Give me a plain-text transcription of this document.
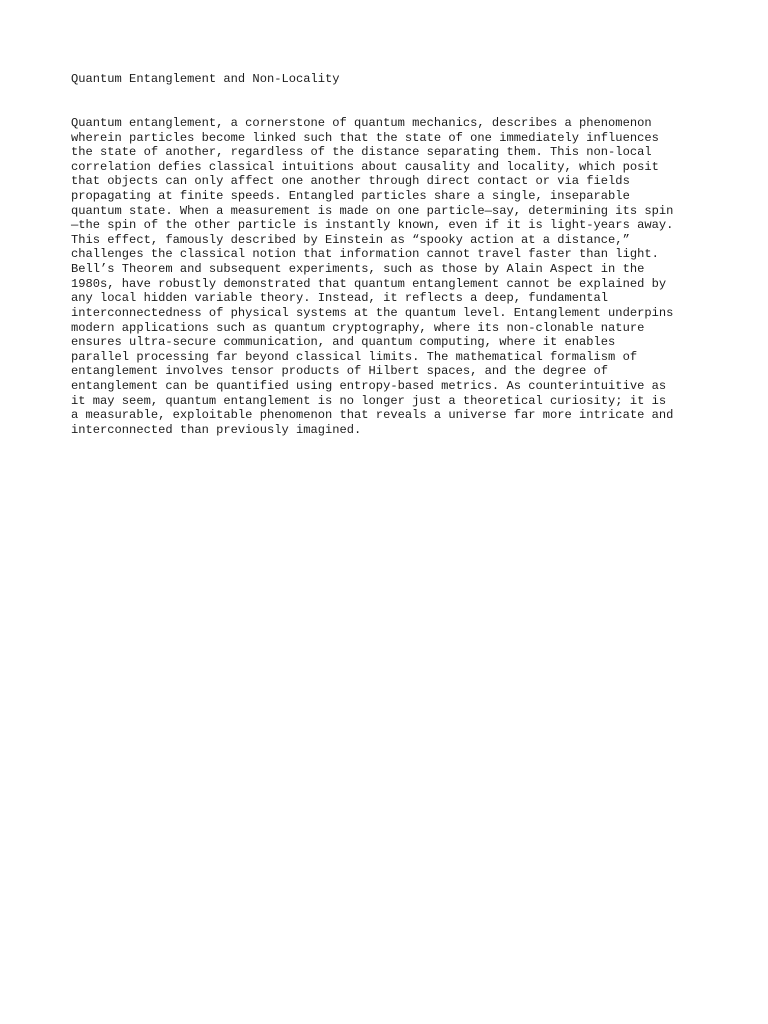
Quantum Entanglement and Non-Locality
Quantum entanglement, a cornerstone of quantum mechanics, describes a phenomenon
wherein particles become linked such that the state of one immediately influences
the state of another, regardless of the distance separating them. This non-local
correlation defies classical intuitions about causality and locality, which posit
that objects can only affect one another through direct contact or via fields
propagating at finite speeds. Entangled particles share a single, inseparable
quantum state. When a measurement is made on one particle—say, determining its spin
—the spin of the other particle is instantly known, even if it is light-years away.
This effect, famously described by Einstein as “spooky action at a distance,”
challenges the classical notion that information cannot travel faster than light.
Bell’s Theorem and subsequent experiments, such as those by Alain Aspect in the
1980s, have robustly demonstrated that quantum entanglement cannot be explained by
any local hidden variable theory. Instead, it reflects a deep, fundamental
interconnectedness of physical systems at the quantum level. Entanglement underpins
modern applications such as quantum cryptography, where its non-clonable nature
ensures ultra-secure communication, and quantum computing, where it enables
parallel processing far beyond classical limits. The mathematical formalism of
entanglement involves tensor products of Hilbert spaces, and the degree of
entanglement can be quantified using entropy-based metrics. As counterintuitive as
it may seem, quantum entanglement is no longer just a theoretical curiosity; it is
a measurable, exploitable phenomenon that reveals a universe far more intricate and
interconnected than previously imagined.
